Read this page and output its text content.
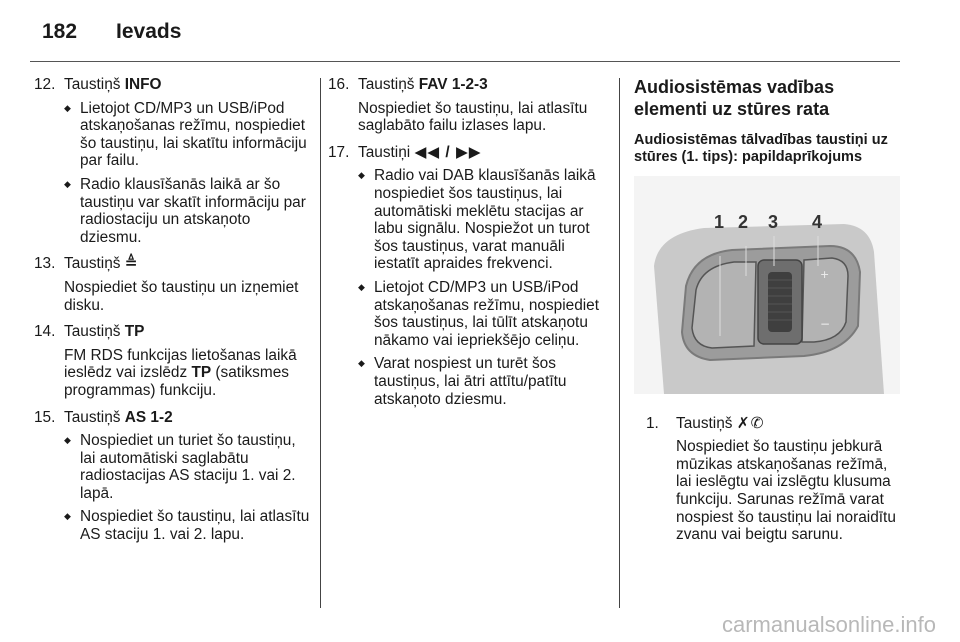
182 Ievads
12. Taustiņš INFO
◆ Lietojot CD/MP3 un USB/iPod atskaņošanas režīmu, nospiediet šo taustiņu, lai skatītu informāciju par failu.
◆ Radio klausīšanās laikā ar šo taustiņu var skatīt informāciju par radiostaciju un atskaņoto dziesmu.
13. Taustiņš ≜
Nospiediet šo taustiņu un izņemiet disku.
14. Taustiņš TP
FM RDS funkcijas lietošanas laikā ieslēdz vai izslēdz TP (satiksmes programmas) funkciju.
15. Taustiņš AS 1-2
◆ Nospiediet un turiet šo taustiņu, lai automātiski saglabātu radiostacijas AS staciju 1. vai 2. lapā.
◆ Nospiediet šo taustiņu, lai atlasītu AS staciju 1. vai 2. lapu.
16. Taustiņš FAV 1-2-3
Nospiediet šo taustiņu, lai atlasītu saglabāto failu izlases lapu.
17. Taustiņi ◀◀ / ▶▶
◆ Radio vai DAB klausīšanās laikā nospiediet šos taustiņus, lai automātiski meklētu stacijas ar labu signālu. Nospiežot un turot šos taustiņus, varat manuāli iestatīt apraides frekvenci.
◆ Lietojot CD/MP3 un USB/iPod atskaņošanas režīmu, nospiediet šos taustiņus, lai tūlīt atskaņotu nākamo vai iepriekšējo celiņu.
◆ Varat nospiest un turēt šos taustiņus, lai ātri attītu/patītu atskaņoto dziesmu.
Audiosistēmas vadības elementi uz stūres rata
Audiosistēmas tālvadības taustiņi uz stūres (1. tips): papildaprīkojums
+
−
1 2 3 4
1. Taustiņš ✗✆
Nospiediet šo taustiņu jebkurā mūzikas atskaņošanas režīmā, lai ieslēgtu vai izslēgtu klusuma funkciju. Sarunas režīmā varat nospiest šo taustiņu lai noraidītu zvanu vai beigtu sarunu.
carmanualsonline.info
